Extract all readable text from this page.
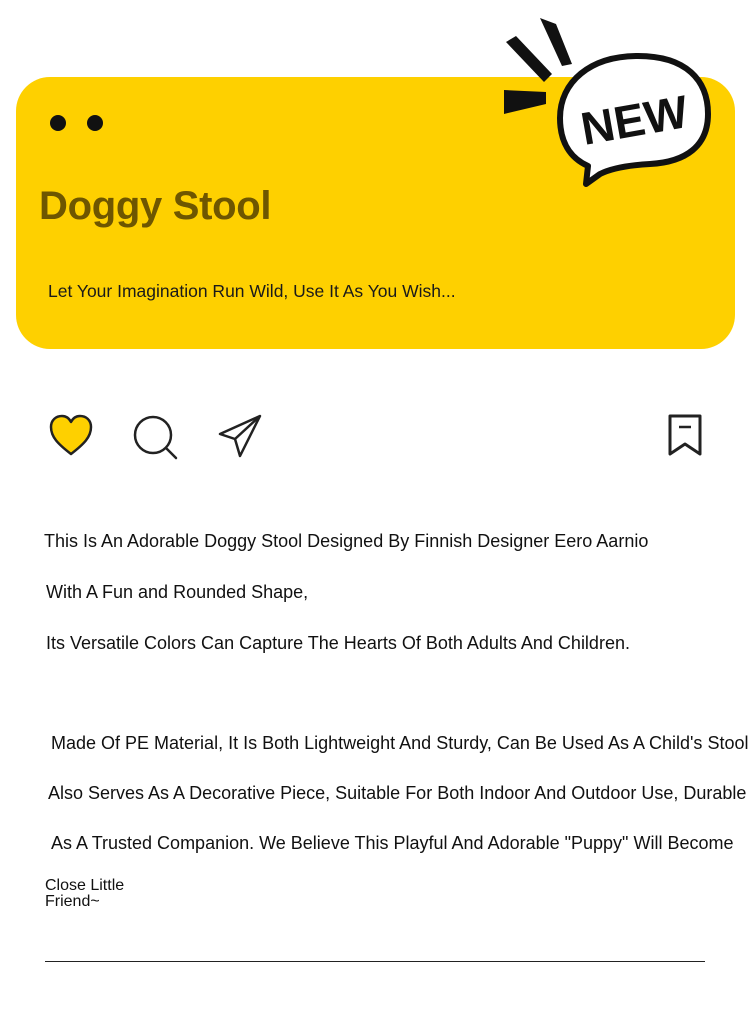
Doggy Stool
Let Your Imagination Run Wild, Use It As You Wish...
NEW
This Is An Adorable Doggy Stool Designed By Finnish Designer Eero Aarnio
With A Fun and Rounded Shape,
Its Versatile Colors Can Capture The Hearts Of Both Adults And Children.
Made Of PE Material, It Is Both Lightweight And Sturdy, Can Be Used As A Child's Stool
Also Serves As A Decorative Piece, Suitable For Both Indoor And Outdoor Use, Durable
As A Trusted Companion. We Believe This Playful And Adorable "Puppy" Will Become
Close Little
Friend~
